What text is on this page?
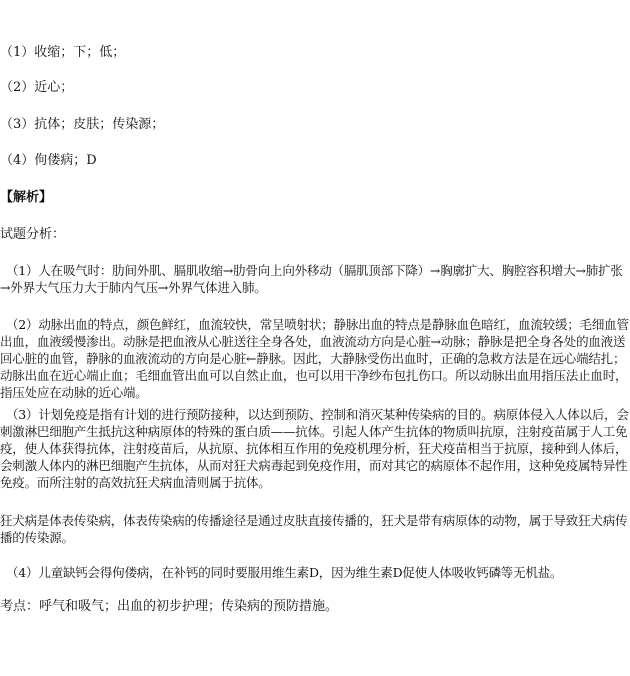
（1）收缩；下；低；
（2）近心；
（3）抗体；皮肤；传染源；
（4）佝偻病；D
【解析】
试题分析：
（1）人在吸气时：肋间外肌、膈肌收缩→肋骨向上向外移动（膈肌顶部下降）→胸廓扩大、胸腔容积增大→肺扩张→外界大气压力大于肺内气压→外界气体进入肺。
（2）动脉出血的特点，颜色鲜红，血流较快，常呈喷射状；静脉出血的特点是静脉血色暗红，血流较缓；毛细血管出血，血液缓慢渗出。动脉是把血液从心脏送往全身各处，血液流动方向是心脏→动脉；静脉是把全身各处的血液送回心脏的血管，静脉的血液流动的方向是心脏←静脉。因此，大静脉受伤出血时，正确的急救方法是在远心端结扎；动脉出血在近心端止血；毛细血管出血可以自然止血，也可以用干净纱布包扎伤口。所以动脉出血用指压法止血时，指压处应在动脉的近心端。
（3）计划免疫是指有计划的进行预防接种，以达到预防、控制和消灭某种传染病的目的。病原体侵入人体以后，会刺激淋巴细胞产生抵抗这种病原体的特殊的蛋白质——抗体。引起人体产生抗体的物质叫抗原，注射疫苗属于人工免疫，使人体获得抗体，注射疫苗后，从抗原、抗体相互作用的免疫机理分析，狂犬疫苗相当于抗原，接种到人体后，会刺激人体内的淋巴细胞产生抗体，从而对狂犬病毒起到免疫作用，而对其它的病原体不起作用，这种免疫属特异性免疫。而所注射的高效抗狂犬病血清则属于抗体。
狂犬病是体表传染病，体表传染病的传播途径是通过皮肤直接传播的，狂犬是带有病原体的动物，属于导致狂犬病传播的传染源。
（4）儿童缺钙会得佝偻病，在补钙的同时要服用维生素D，因为维生素D促使人体吸收钙磷等无机盐。
考点：呼气和吸气；出血的初步护理；传染病的预防措施。
